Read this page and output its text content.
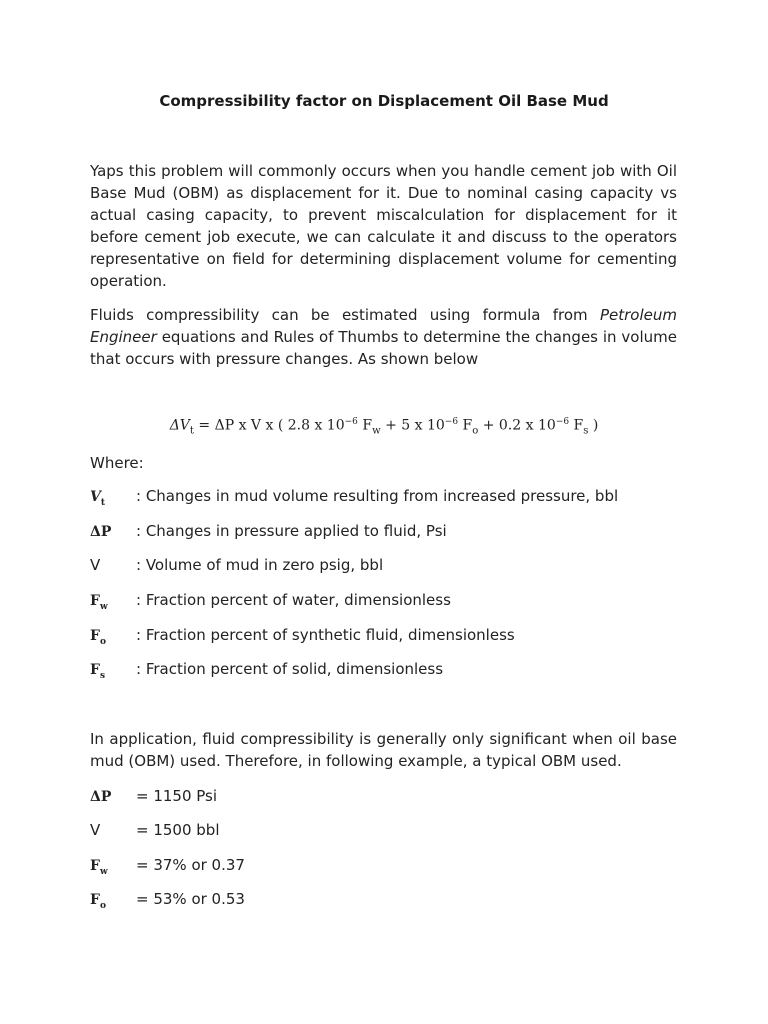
Compressibility factor on Displacement Oil Base Mud
Yaps this problem will commonly occurs when you handle cement job with Oil Base Mud (OBM) as displacement for it. Due to nominal casing capacity vs actual casing capacity, to prevent miscalculation for displacement for it before cement job execute, we can calculate it and discuss to the operators representative on field for determining displacement volume for cementing operation.
Fluids compressibility can be estimated using formula from Petroleum Engineer equations and Rules of Thumbs to determine the changes in volume that occurs with pressure changes. As shown below
$\Delta V_t = \Delta P$ x V x ( 2.8 x $10^{-6}$ $F_w + 5$ x $10^{-6}$ $F_o + 0.2$ x $10^{-6}$ $F_s$ )
Where:
$V_t$ : Changes in mud volume resulting from increased pressure, bbl
ΔP : Changes in pressure applied to fluid, Psi
V : Volume of mud in zero psig, bbl
$F_w$ : Fraction percent of water, dimensionless
$F_o$ : Fraction percent of synthetic fluid, dimensionless
$F_s$ : Fraction percent of solid, dimensionless
In application, fluid compressibility is generally only significant when oil base mud (OBM) used. Therefore, in following example, a typical OBM used.
ΔP = 1150 Psi
V = 1500 bbl
$F_w = 37\%$ or 0.37
$F_o = 53\%$ or 0.53
